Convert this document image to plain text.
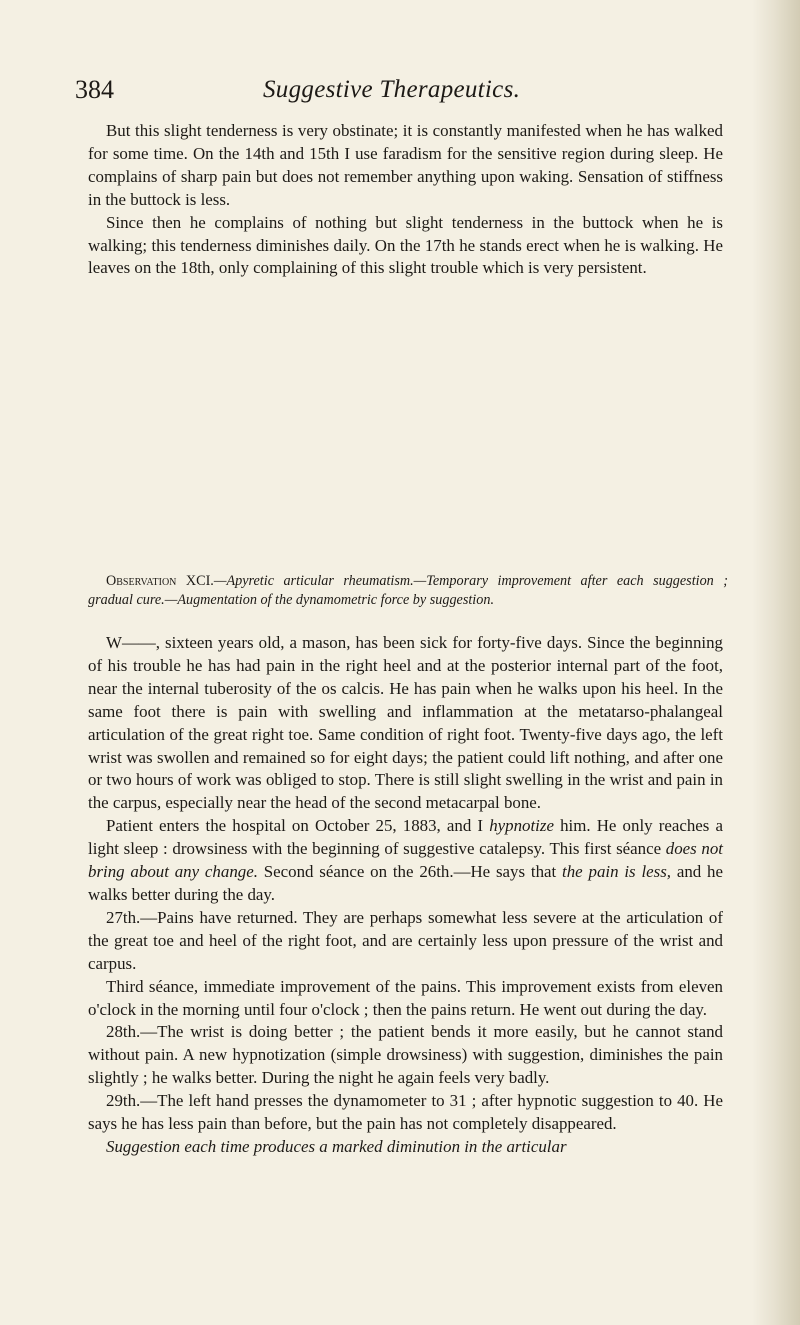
384	Suggestive Therapeutics.

But this slight tenderness is very obstinate; it is constantly manifested when he has walked for some time. On the 14th and 15th I use faradism for the sensitive region during sleep. He complains of sharp pain but does not remember anything upon waking. Sensation of stiffness in the buttock is less.

Since then he complains of nothing but slight tenderness in the buttock when he is walking; this tenderness diminishes daily. On the 17th he stands erect when he is walking. He leaves on the 18th, only complaining of this slight trouble which is very persistent.

Observation XCI.—Apyretic articular rheumatism.—Temporary improvement after each suggestion ; gradual cure.—Augmentation of the dynamometric force by suggestion.

W——, sixteen years old, a mason, has been sick for forty-five days. Since the beginning of his trouble he has had pain in the right heel and at the posterior internal part of the foot, near the internal tuberosity of the os calcis. He has pain when he walks upon his heel. In the same foot there is pain with swelling and inflammation at the metatarso-phalangeal articulation of the great right toe. Same condition of right foot. Twenty-five days ago, the left wrist was swollen and remained so for eight days; the patient could lift nothing, and after one or two hours of work was obliged to stop. There is still slight swelling in the wrist and pain in the carpus, especially near the head of the second metacarpal bone.

Patient enters the hospital on October 25, 1883, and I hypnotize him. He only reaches a light sleep : drowsiness with the beginning of suggestive catalepsy. This first séance does not bring about any change. Second séance on the 26th.—He says that the pain is less, and he walks better during the day.

27th.—Pains have returned. They are perhaps somewhat less severe at the articulation of the great toe and heel of the right foot, and are certainly less upon pressure of the wrist and carpus.

Third séance, immediate improvement of the pains. This improvement exists from eleven o'clock in the morning until four o'clock ; then the pains return. He went out during the day.

28th.—The wrist is doing better ; the patient bends it more easily, but he cannot stand without pain. A new hypnotization (simple drowsiness) with suggestion, diminishes the pain slightly ; he walks better. During the night he again feels very badly.

29th.—The left hand presses the dynamometer to 31 ; after hypnotic suggestion to 40. He says he has less pain than before, but the pain has not completely disappeared.

Suggestion each time produces a marked diminution in the articular
